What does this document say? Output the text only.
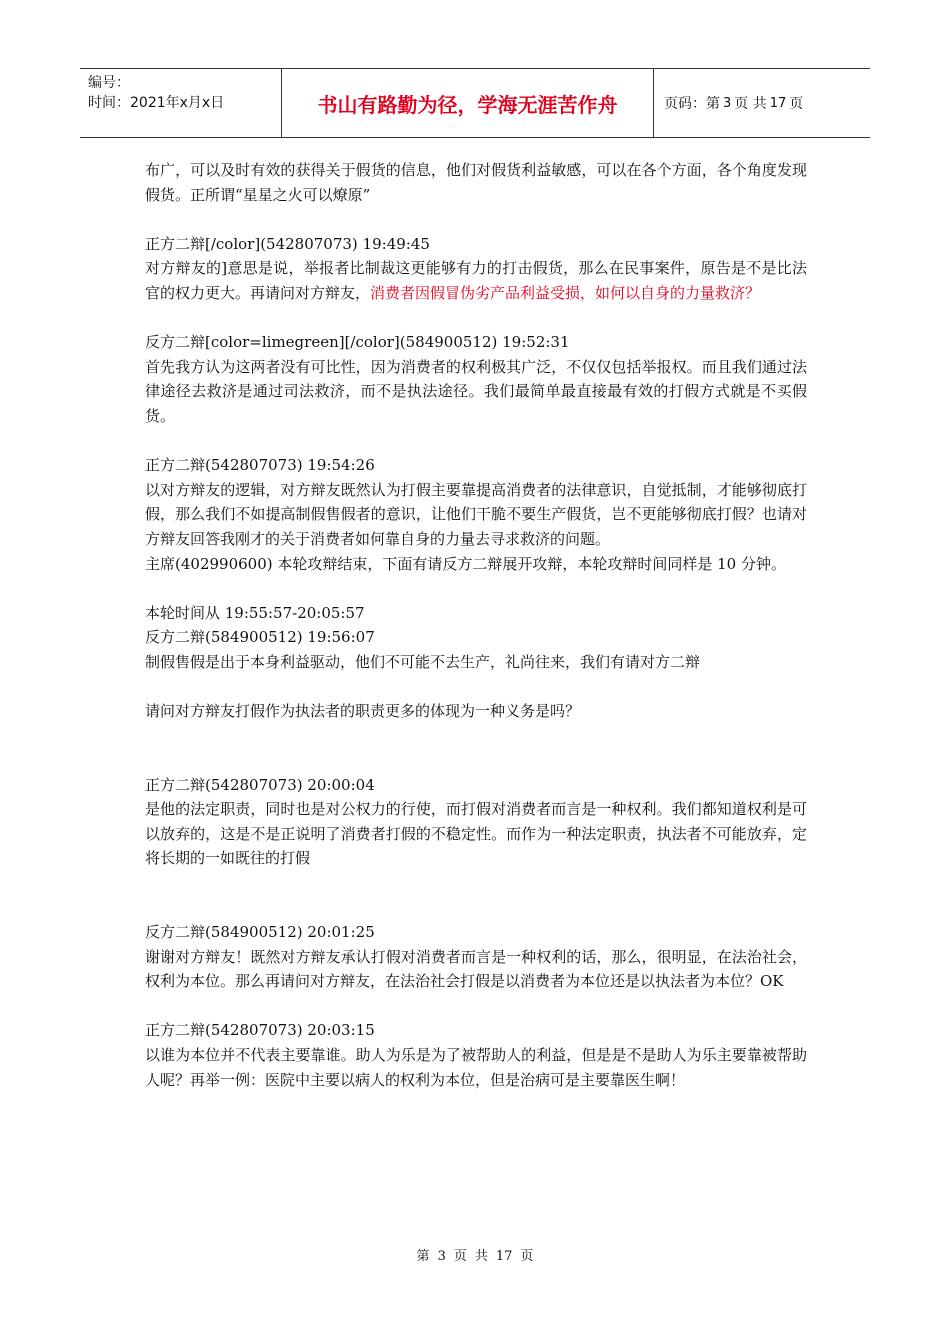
编号：
时间：2021年x月x日	书山有路勤为径，学海无涯苦作舟	页码：第 3 页 共 17 页

布广，可以及时有效的获得关于假货的信息，他们对假货利益敏感，可以在各个方面，各个角度发现假货。正所谓“星星之火可以燎原”

正方二辩[/color](542807073) 19:49:45

对方辩友的]意思是说，举报者比制裁这更能够有力的打击假货，那么在民事案件，原告是不是比法官的权力更大。再请问对方辩友，消费者因假冒伪劣产品利益受损，如何以自身的力量救济？

反方二辩[color=limegreen][/color](584900512) 19:52:31

首先我方认为这两者没有可比性，因为消费者的权利极其广泛，不仅仅包括举报权。而且我们通过法律途径去救济是通过司法救济，而不是执法途径。我们最简单最直接最有效的打假方式就是不买假货。

正方二辩(542807073) 19:54:26

以对方辩友的逻辑，对方辩友既然认为打假主要靠提高消费者的法律意识，自觉抵制，才能够彻底打假，那么我们不如提高制假售假者的意识，让他们干脆不要生产假货，岂不更能够彻底打假？也请对方辩友回答我刚才的关于消费者如何靠自身的力量去寻求救济的问题。

主席(402990600) 本轮攻辩结束，下面有请反方二辩展开攻辩，本轮攻辩时间同样是 10 分钟。

本轮时间从 19:55:57-20:05:57

反方二辩(584900512) 19:56:07

制假售假是出于本身利益驱动，他们不可能不去生产，礼尚往来，我们有请对方二辩

请问对方辩友打假作为执法者的职责更多的体现为一种义务是吗？

正方二辩(542807073) 20:00:04

是他的法定职责，同时也是对公权力的行使，而打假对消费者而言是一种权利。我们都知道权利是可以放弃的，这是不是正说明了消费者打假的不稳定性。而作为一种法定职责，执法者不可能放弃，定将长期的一如既往的打假

反方二辩(584900512) 20:01:25

谢谢对方辩友！既然对方辩友承认打假对消费者而言是一种权利的话，那么，很明显，在法治社会，权利为本位。那么再请问对方辩友，在法治社会打假是以消费者为本位还是以执法者为本位？OK

正方二辩(542807073) 20:03:15

以谁为本位并不代表主要靠谁。助人为乐是为了被帮助人的利益，但是是不是助人为乐主要靠被帮助人呢？再举一例：医院中主要以病人的权利为本位，但是治病可是主要靠医生啊！

第 3 页 共 17 页
